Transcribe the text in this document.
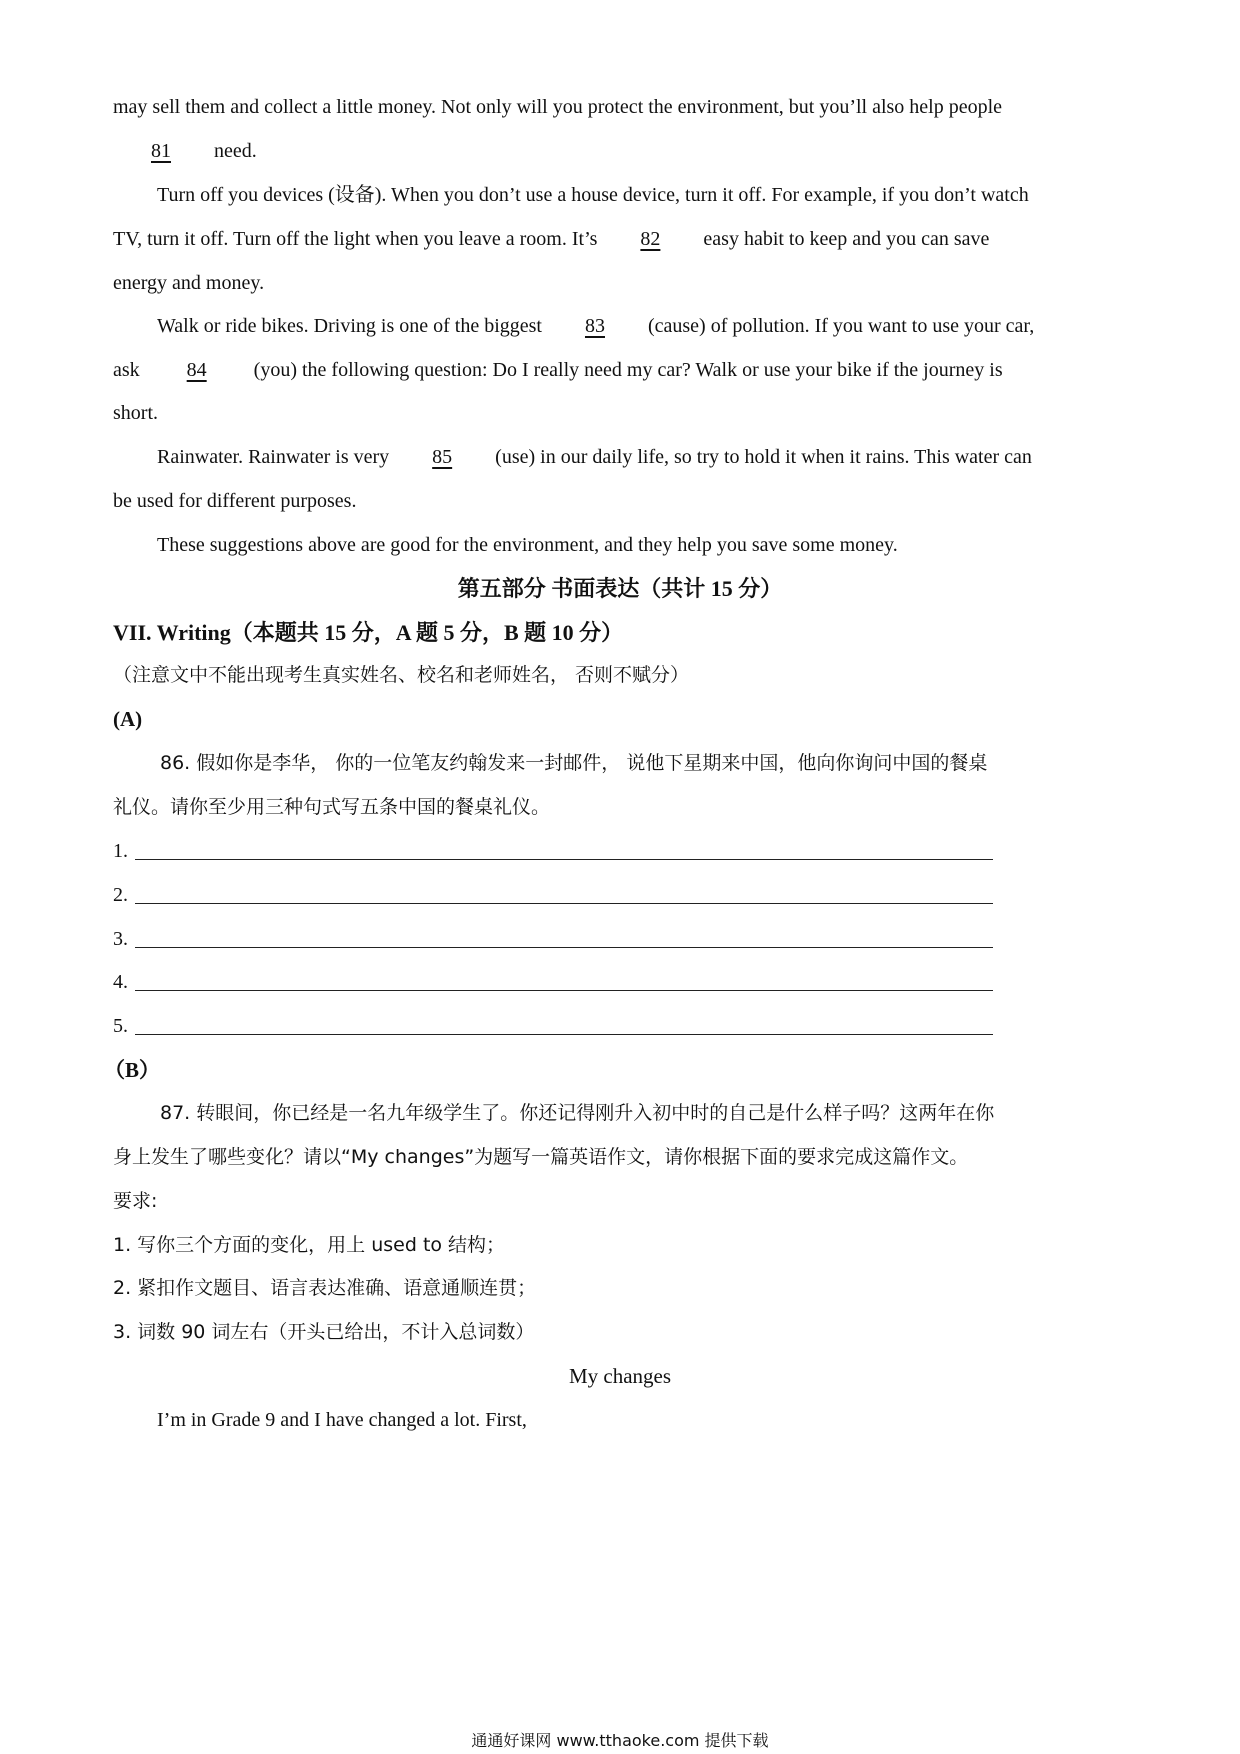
may sell them and collect a little money. Not only will you protect the environment, but you’ll also help people
81 need.
Turn off you devices (设备). When you don’t use a house device, turn it off. For example, if you don’t watch
TV, turn it off. Turn off the light when you leave a room. It’s 82 easy habit to keep and you can save
energy and money.
Walk or ride bikes. Driving is one of the biggest 83 (cause) of pollution. If you want to use your car,
ask 84 (you) the following question: Do I really need my car? Walk or use your bike if the journey is
short.
Rainwater. Rainwater is very 85 (use) in our daily life, so try to hold it when it rains. This water can
be used for different purposes.
These suggestions above are good for the environment, and they help you save some money.
第五部分 书面表达（共计 15 分）
VII. Writing（本题共 15 分，A 题 5 分，B 题 10 分）
（注意文中不能出现考生真实姓名、校名和老师姓名， 否则不赋分）
(A)
86. 假如你是李华， 你的一位笔友约翰发来一封邮件， 说他下星期来中国，他向你询问中国的餐桌
礼仪。请你至少用三种句式写五条中国的餐桌礼仪。
1.
2.
3.
4.
5.
（B）
87. 转眼间，你已经是一名九年级学生了。你还记得刚升入初中时的自己是什么样子吗？这两年在你
身上发生了哪些变化？请以“My changes”为题写一篇英语作文，请你根据下面的要求完成这篇作文。
要求:
1. 写你三个方面的变化，用上 used to 结构；
2. 紧扣作文题目、语言表达准确、语意通顺连贯；
3. 词数 90 词左右（开头已给出，不计入总词数）
My changes
I’m in Grade 9 and I have changed a lot. First,
通通好课网 www.tthaoke.com 提供下载
